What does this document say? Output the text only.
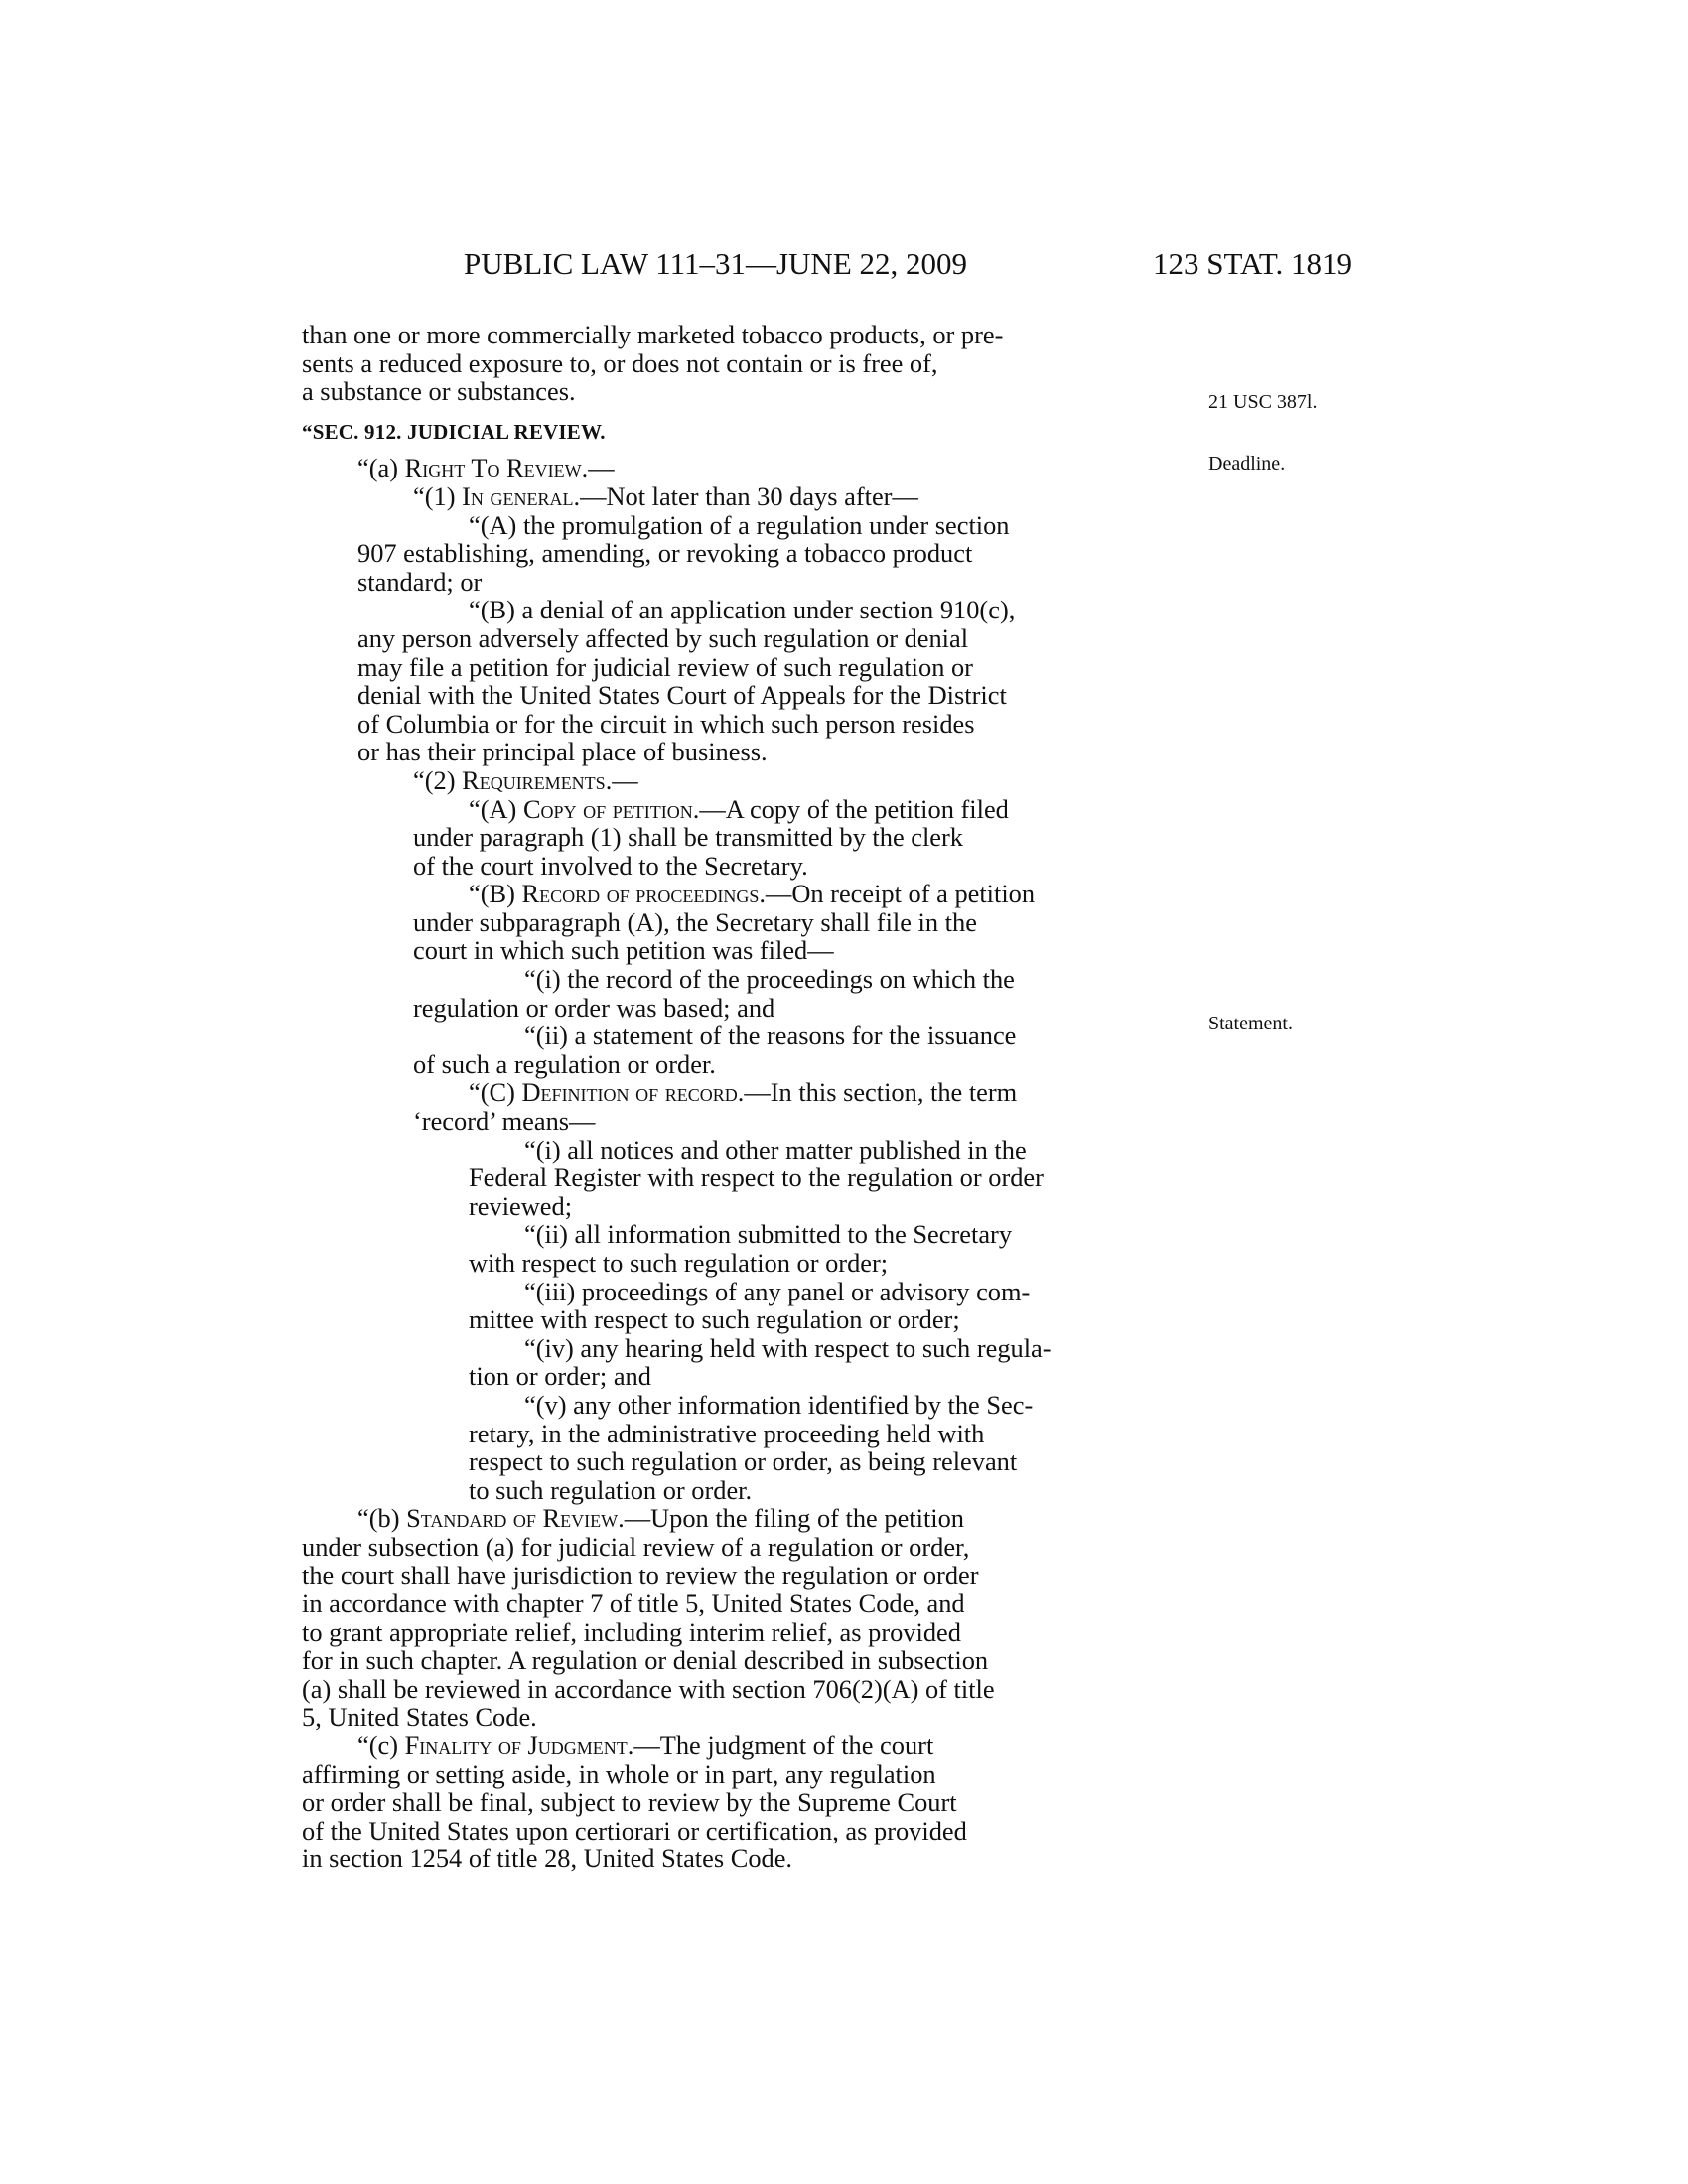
PUBLIC LAW 111–31—JUNE 22, 2009	123 STAT. 1819
21 USC 387l.
Deadline.
Statement.

than one or more commercially marketed tobacco products, or pre-

sents a reduced exposure to, or does not contain or is free of,

a substance or substances.

“SEC. 912. JUDICIAL REVIEW.

“(a) Right To Review.—

“(1) In general.—Not later than 30 days after—

“(A) the promulgation of a regulation under section

907 establishing, amending, or revoking a tobacco product

standard; or

“(B) a denial of an application under section 910(c),

any person adversely affected by such regulation or denial

may file a petition for judicial review of such regulation or

denial with the United States Court of Appeals for the District

of Columbia or for the circuit in which such person resides

or has their principal place of business.

“(2) Requirements.—

“(A) Copy of petition.—A copy of the petition filed

under paragraph (1) shall be transmitted by the clerk

of the court involved to the Secretary.

“(B) Record of proceedings.—On receipt of a petition

under subparagraph (A), the Secretary shall file in the

court in which such petition was filed—

“(i) the record of the proceedings on which the

regulation or order was based; and

“(ii) a statement of the reasons for the issuance

of such a regulation or order.

“(C) Definition of record.—In this section, the term

‘record’ means—

“(i) all notices and other matter published in the

Federal Register with respect to the regulation or order

reviewed;

“(ii) all information submitted to the Secretary

with respect to such regulation or order;

“(iii) proceedings of any panel or advisory com-

mittee with respect to such regulation or order;

“(iv) any hearing held with respect to such regula-

tion or order; and

“(v) any other information identified by the Sec-

retary, in the administrative proceeding held with

respect to such regulation or order, as being relevant

to such regulation or order.

“(b) Standard of Review.—Upon the filing of the petition

under subsection (a) for judicial review of a regulation or order,

the court shall have jurisdiction to review the regulation or order

in accordance with chapter 7 of title 5, United States Code, and

to grant appropriate relief, including interim relief, as provided

for in such chapter. A regulation or denial described in subsection

(a) shall be reviewed in accordance with section 706(2)(A) of title

5, United States Code.

“(c) Finality of Judgment.—The judgment of the court

affirming or setting aside, in whole or in part, any regulation

or order shall be final, subject to review by the Supreme Court

of the United States upon certiorari or certification, as provided

in section 1254 of title 28, United States Code.
